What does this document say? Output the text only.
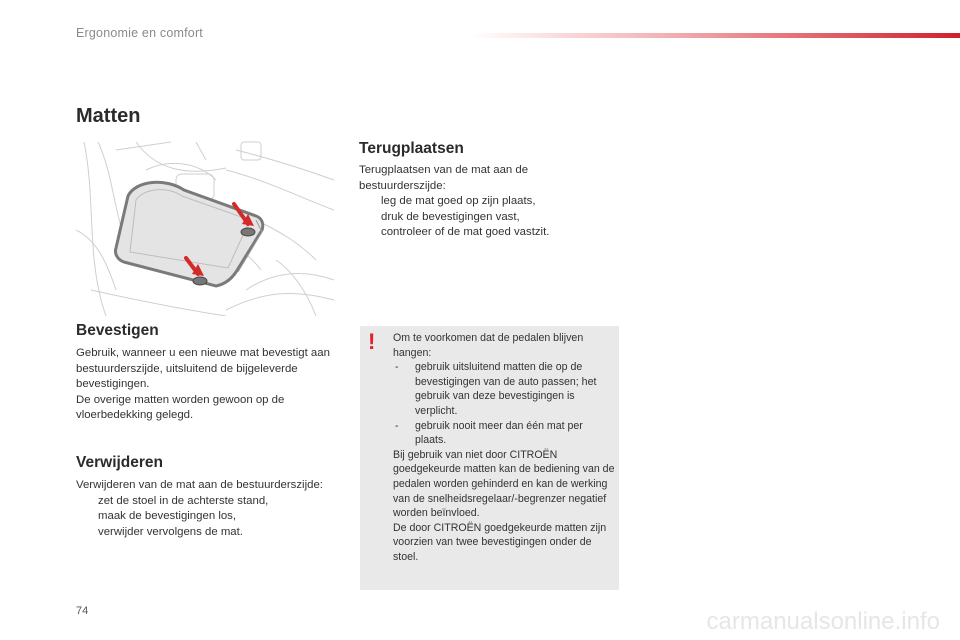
Ergonomie en comfort
Matten
Terugplaatsen

Terugplaatsen van de mat aan de bestuurderszijde:

leg de mat goed op zijn plaats,
druk de bevestigingen vast,
controleer of de mat goed vastzit.
Bevestigen

Gebruik, wanneer u een nieuwe mat bevestigt aan bestuurderszijde, uitsluitend de bijgeleverde bevestigingen.

De overige matten worden gewoon op de vloerbedekking gelegd.

Verwijderen

Verwijderen van de mat aan de bestuurderszijde:

zet de stoel in de achterste stand,
maak de bevestigingen los,
verwijder vervolgens de mat.
! Om te voorkomen dat de pedalen blijven hangen:

-	gebruik uitsluitend matten die op de bevestigingen van de auto passen; het gebruik van deze bevestigingen is verplicht.
-	gebruik nooit meer dan één mat per plaats.

Bij gebruik van niet door CITROËN goedgekeurde matten kan de bediening van de pedalen worden gehinderd en kan de werking van de snelheidsregelaar/-begrenzer negatief worden beïnvloed.

De door CITROËN goedgekeurde matten zijn voorzien van twee bevestigingen onder de stoel.

74	carmanualsonline.info
